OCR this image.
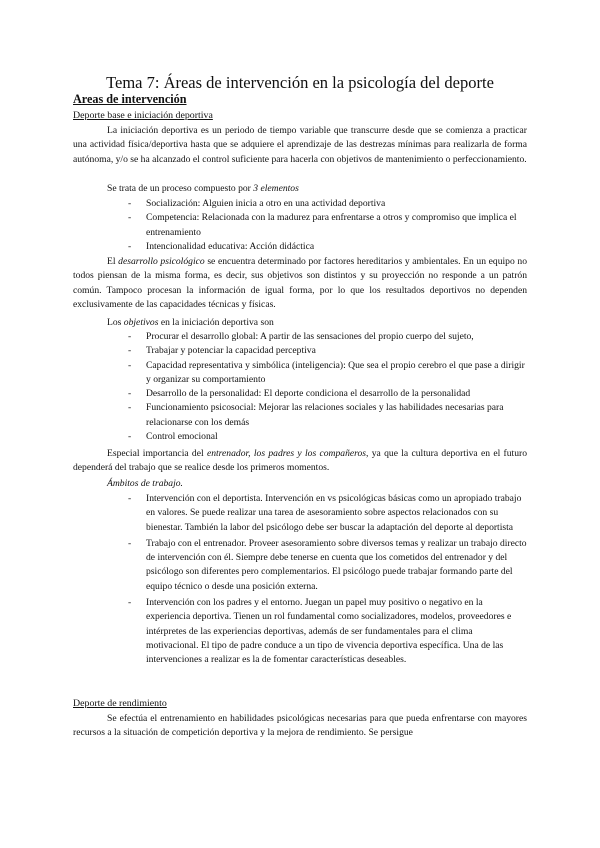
Tema 7: Áreas de intervención en la psicología del deporte
Areas de intervención
Deporte base e iniciación deportiva
La iniciación deportiva es un periodo de tiempo variable que transcurre desde que se comienza a practicar una actividad física/deportiva hasta que se adquiere el aprendizaje de las destrezas mínimas para realizarla de forma autónoma, y/o se ha alcanzado el control suficiente para hacerla con objetivos de mantenimiento o perfeccionamiento.
Se trata de un proceso compuesto por 3 elementos
- Socialización: Alguien inicia a otro en una actividad deportiva
- Competencia: Relacionada con la madurez para enfrentarse a otros y compromiso que implica el entrenamiento
- Intencionalidad educativa: Acción didáctica
El desarrollo psicológico se encuentra determinado por factores hereditarios y ambientales. En un equipo no todos piensan de la misma forma, es decir, sus objetivos son distintos y su proyección no responde a un patrón común. Tampoco procesan la información de igual forma, por lo que los resultados deportivos no dependen exclusivamente de las capacidades técnicas y físicas.
Los objetivos en la iniciación deportiva son
- Procurar el desarrollo global: A partir de las sensaciones del propio cuerpo del sujeto,
- Trabajar y potenciar la capacidad perceptiva
- Capacidad representativa y simbólica (inteligencia): Que sea el propio cerebro el que pase a dirigir y organizar su comportamiento
- Desarrollo de la personalidad: El deporte condiciona el desarrollo de la personalidad
- Funcionamiento psicosocial: Mejorar las relaciones sociales y las habilidades necesarias para relacionarse con los demás
- Control emocional
Especial importancia del entrenador, los padres y los compañeros, ya que la cultura deportiva en el futuro dependerá del trabajo que se realice desde los primeros momentos.
Ámbitos de trabajo.
- Intervención con el deportista. Intervención en vs psicológicas básicas como un apropiado trabajo en valores. Se puede realizar una tarea de asesoramiento sobre aspectos relacionados con su bienestar. También la labor del psicólogo debe ser buscar la adaptación del deporte al deportista
- Trabajo con el entrenador. Proveer asesoramiento sobre diversos temas y realizar un trabajo directo de intervención con él. Siempre debe tenerse en cuenta que los cometidos del entrenador y del psicólogo son diferentes pero complementarios. El psicólogo puede trabajar formando parte del equipo técnico o desde una posición externa.
- Intervención con los padres y el entorno. Juegan un papel muy positivo o negativo en la experiencia deportiva. Tienen un rol fundamental como socializadores, modelos, proveedores e intérpretes de las experiencias deportivas, además de ser fundamentales para el clima motivacional. El tipo de padre conduce a un tipo de vivencia deportiva específica. Una de las intervenciones a realizar es la de fomentar características deseables.
Deporte de rendimiento
Se efectúa el entrenamiento en habilidades psicológicas necesarias para que pueda enfrentarse con mayores recursos a la situación de competición deportiva y la mejora de rendimiento. Se persigue
